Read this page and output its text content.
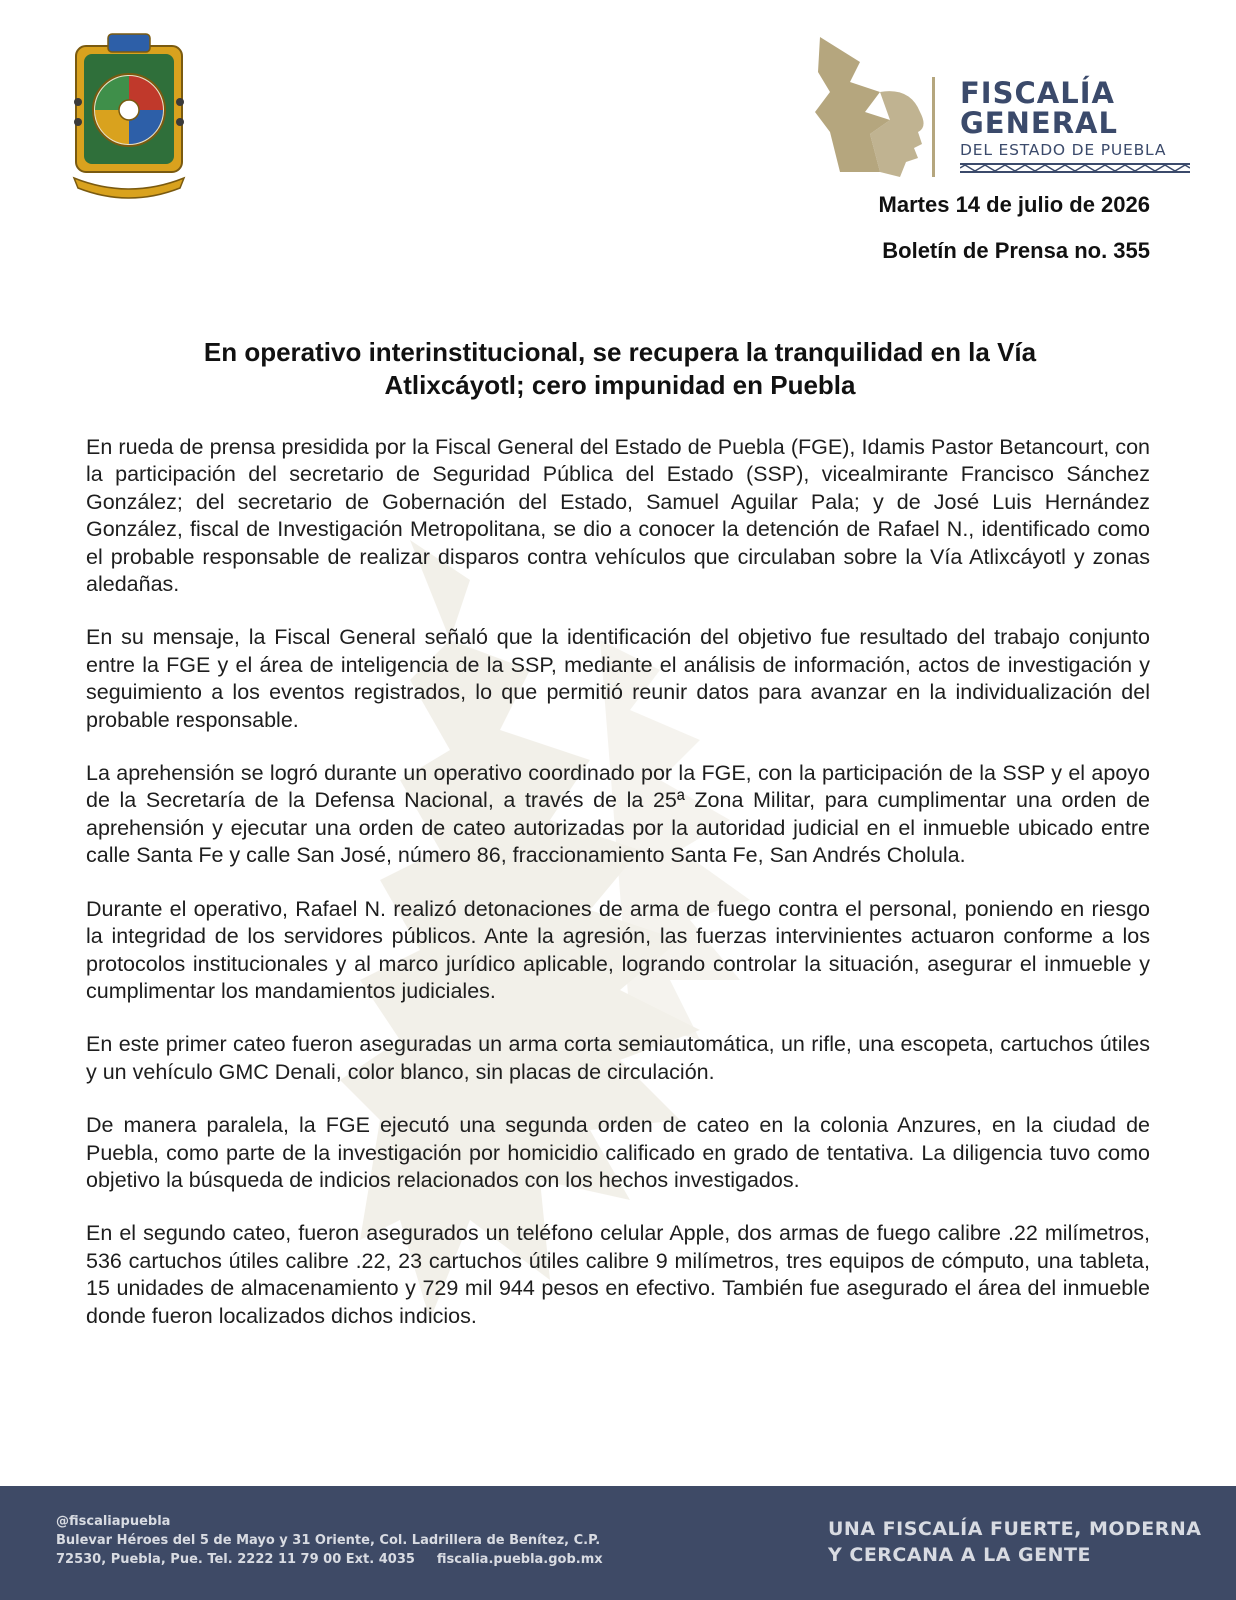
FISCALÍA
GENERAL
DEL ESTADO DE PUEBLA
Martes 14 de julio de 2026
Boletín de Prensa no. 355
En operativo interinstitucional, se recupera la tranquilidad en la Vía
Atlixcáyotl; cero impunidad en Puebla

En rueda de prensa presidida por la Fiscal General del Estado de Puebla (FGE), Idamis Pastor Betancourt, con la participación del secretario de Seguridad Pública del Estado (SSP), vicealmirante Francisco Sánchez González; del secretario de Gobernación del Estado, Samuel Aguilar Pala; y de José Luis Hernández González, fiscal de Investigación Metropolitana, se dio a conocer la detención de Rafael N., identificado como el probable responsable de realizar disparos contra vehículos que circulaban sobre la Vía Atlixcáyotl y zonas aledañas.

En su mensaje, la Fiscal General señaló que la identificación del objetivo fue resultado del trabajo conjunto entre la FGE y el área de inteligencia de la SSP, mediante el análisis de información, actos de investigación y seguimiento a los eventos registrados, lo que permitió reunir datos para avanzar en la individualización del probable responsable.

La aprehensión se logró durante un operativo coordinado por la FGE, con la participación de la SSP y el apoyo de la Secretaría de la Defensa Nacional, a través de la 25ª Zona Militar, para cumplimentar una orden de aprehensión y ejecutar una orden de cateo autorizadas por la autoridad judicial en el inmueble ubicado entre calle Santa Fe y calle San José, número 86, fraccionamiento Santa Fe, San Andrés Cholula.

Durante el operativo, Rafael N. realizó detonaciones de arma de fuego contra el personal, poniendo en riesgo la integridad de los servidores públicos. Ante la agresión, las fuerzas intervinientes actuaron conforme a los protocolos institucionales y al marco jurídico aplicable, logrando controlar la situación, asegurar el inmueble y cumplimentar los mandamientos judiciales.

En este primer cateo fueron aseguradas un arma corta semiautomática, un rifle, una escopeta, cartuchos útiles y un vehículo GMC Denali, color blanco, sin placas de circulación.

De manera paralela, la FGE ejecutó una segunda orden de cateo en la colonia Anzures, en la ciudad de Puebla, como parte de la investigación por homicidio calificado en grado de tentativa. La diligencia tuvo como objetivo la búsqueda de indicios relacionados con los hechos investigados.

En el segundo cateo, fueron asegurados un teléfono celular Apple, dos armas de fuego calibre .22 milímetros, 536 cartuchos útiles calibre .22, 23 cartuchos útiles calibre 9 milímetros, tres equipos de cómputo, una tableta, 15 unidades de almacenamiento y 729 mil 944 pesos en efectivo. También fue asegurado el área del inmueble donde fueron localizados dichos indicios.

@fiscaliapuebla
Bulevar Héroes del 5 de Mayo y 31 Oriente, Col. Ladrillera de Benítez, C.P.
72530, Puebla, Pue. Tel. 2222 11 79 00 Ext. 4035 fiscalia.puebla.gob.mx
UNA FISCALÍA FUERTE, MODERNA
Y CERCANA A LA GENTE
